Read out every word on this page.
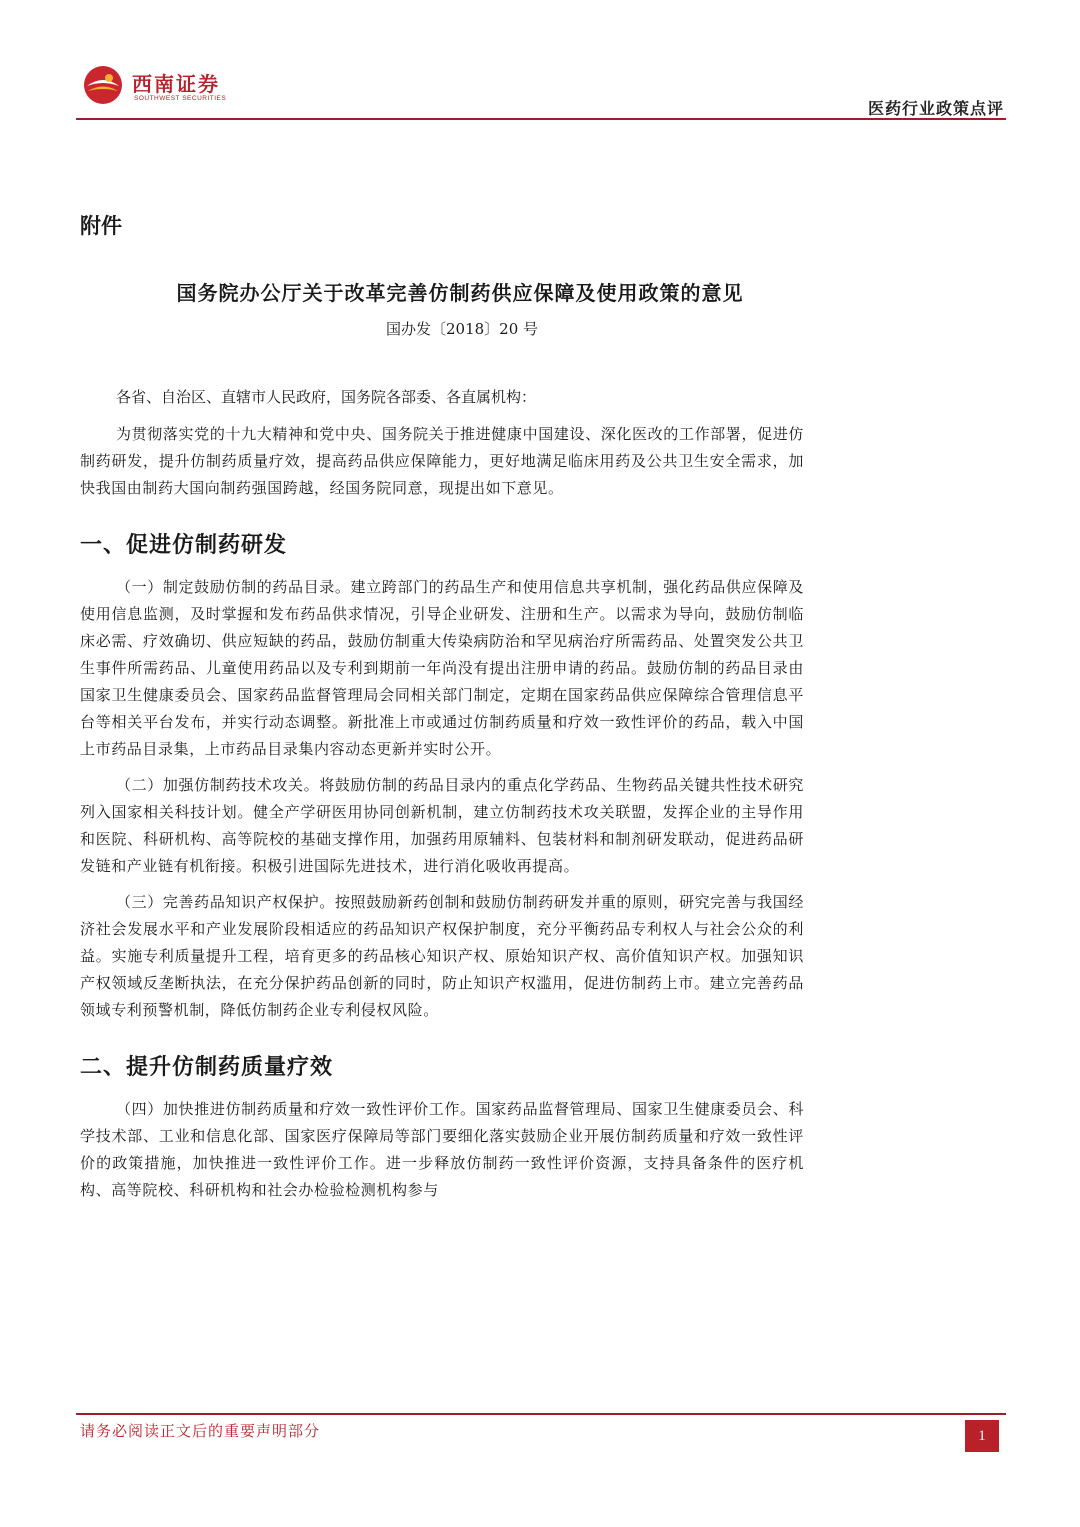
西南证券
SOUTHWEST SECURITIES
医药行业政策点评
附件
国务院办公厅关于改革完善仿制药供应保障及使用政策的意见
国办发〔2018〕20 号

各省、自治区、直辖市人民政府，国务院各部委、各直属机构：

为贯彻落实党的十九大精神和党中央、国务院关于推进健康中国建设、深化医改的工作部署，促进仿制药研发，提升仿制药质量疗效，提高药品供应保障能力，更好地满足临床用药及公共卫生安全需求，加快我国由制药大国向制药强国跨越，经国务院同意，现提出如下意见。

一、促进仿制药研发

（一）制定鼓励仿制的药品目录。建立跨部门的药品生产和使用信息共享机制，强化药品供应保障及使用信息监测，及时掌握和发布药品供求情况，引导企业研发、注册和生产。以需求为导向，鼓励仿制临床必需、疗效确切、供应短缺的药品，鼓励仿制重大传染病防治和罕见病治疗所需药品、处置突发公共卫生事件所需药品、儿童使用药品以及专利到期前一年尚没有提出注册申请的药品。鼓励仿制的药品目录由国家卫生健康委员会、国家药品监督管理局会同相关部门制定，定期在国家药品供应保障综合管理信息平台等相关平台发布，并实行动态调整。新批准上市或通过仿制药质量和疗效一致性评价的药品，载入中国上市药品目录集，上市药品目录集内容动态更新并实时公开。

（二）加强仿制药技术攻关。将鼓励仿制的药品目录内的重点化学药品、生物药品关键共性技术研究列入国家相关科技计划。健全产学研医用协同创新机制，建立仿制药技术攻关联盟，发挥企业的主导作用和医院、科研机构、高等院校的基础支撑作用，加强药用原辅料、包装材料和制剂研发联动，促进药品研发链和产业链有机衔接。积极引进国际先进技术，进行消化吸收再提高。

（三）完善药品知识产权保护。按照鼓励新药创制和鼓励仿制药研发并重的原则，研究完善与我国经济社会发展水平和产业发展阶段相适应的药品知识产权保护制度，充分平衡药品专利权人与社会公众的利益。实施专利质量提升工程，培育更多的药品核心知识产权、原始知识产权、高价值知识产权。加强知识产权领域反垄断执法，在充分保护药品创新的同时，防止知识产权滥用，促进仿制药上市。建立完善药品领域专利预警机制，降低仿制药企业专利侵权风险。

二、提升仿制药质量疗效

（四）加快推进仿制药质量和疗效一致性评价工作。国家药品监督管理局、国家卫生健康委员会、科学技术部、工业和信息化部、国家医疗保障局等部门要细化落实鼓励企业开展仿制药质量和疗效一致性评价的政策措施，加快推进一致性评价工作。进一步释放仿制药一致性评价资源，支持具备条件的医疗机构、高等院校、科研机构和社会办检验检测机构参与

请务必阅读正文后的重要声明部分	1
